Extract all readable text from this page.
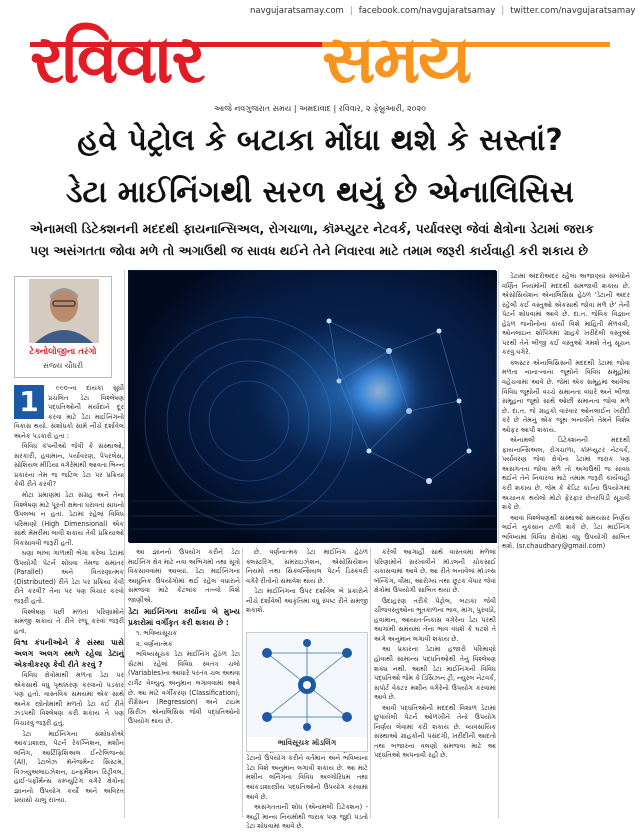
navgujaratsamay.com | facebook.com/navgujaratsamay | twitter.com/navgujaratsamay
રવિવાર સમય
આજે નવગુજરાત સમય | અમદાવાદ | રવિવાર, ૨ ફેબ્રુઆરી, ૨૦૨૦
હવે પેટ્રોલ કે બટાકા મોંઘા થશે કે સસ્તાં?
ડેટા માઈનિંગથી સરળ થયું છે એનાલિસિસ
એનામલી ડિટેક્શનની મદદથી ફાયનાન્સિઅલ, રોગચાળા, કૉમ્પ્યુટર નેટવર્ક, પર્યાવરણ જેવાં ક્ષેત્રોના ડેટામાં જરાક પણ અસંગતતા જોવા મળે તો અગાઉથી જ સાવધ થઈને તેને નિવારવા માટે તમામ જરૂરી કાર્યવાહી કરી શકાય છે
ટેક્નોલોજીના તરંગો
સંજય ચૌધરી
1	૯૯૦-ના દાયકા સુધી પ્રચલિત ડેટા વિશ્લેષણ પદ્ધતિઓની મર્યાદાને દૂર કરવા માટે ડેટા માઈનિંગનો વિકાસ થયો. સંશોધકો સામે નીચે દર્શાવેલ અનેક પડકારો હતા :

વિવિધ કંપનીઓ જેવી કે સંસ્થાઓ, સરકારી, હવામાન, પર્યાવરણ, પેપરલેસ, સોશિયલ મીડિયા વગેરેમાંથી આવતા ભિન્ન પ્રકારના તેમ જ જટિલ ડેટા પર પ્રક્રિયા કેવી રીતે કરવી?

મોટા પ્રમાણમાં ડેટા સંગ્રહ અને તેના વિશ્લેષણ માટે પૂરતી ક્ષમતા ધરાવતાં સાધનો ઉપલબ્ધ ન હતાં. ડેટામાં રહેલાં વિવિધ પરિમાણો (High Dimensional) એક સાથે મેમરીમાં લાવી શકાય તેવી પ્રક્રિયાઓ વિકસાવવી જરૂરી હતી.

ઘણા લાંબા ગાળાથી ભેગા કરેલા ડેટામાં ઉપયોગી પેટર્ન શોધવા તેમજ સમાંતર (Parallel) અને વિતરણાત્મક (Distributed) રીતે ડેટા પર પ્રક્રિયા કેવી રીતે કરવી? તેના પર પણ વિચાર કરવો જરૂરી હતો.

વિશ્લેષણ પછી મળતાં પરિણામોને સમજી શકાય તે રીતે રજૂ કરવાં જરૂરી હતાં.

વિશ્વ કંપનીઓને કે સંસ્થા પાસે અલગ અલગ સ્થળે રહેલા ડેટાનું એકત્રીકરણ કેવી રીતે કરવું ?

વિવિધ ક્ષેત્રોમાંથી મળતા ડેટા પર એકસાથે વધુ પૃથક્કરણ કરવાનો પડકાર પણ હતો. વાસ્તવિક સમયમાં એક સાથે અનેક સ્ત્રોતોમાંથી મળતો ડેટા કઈ રીતે ઝડપથી વિશ્લેષણ કરી શકાય તે પણ વિચારવું જરૂરી હતું.

ડેટા માઈનિંગના સંશોધકોએ આંકડાશાસ્ત્ર, પેટર્ન રેકગ્નિશન, મશીન લર્નિંગ, આર્ટિફિશિઅલ ઈન્ટેલિજન્સ (AI), ડેટાબેઝ મૅનેજમેન્ટ સિસ્ટમ, વિઝ્યુઅલાઇઝેશન, ઇન્ફર્મેશન રિટ્રીવલ, હાઈ-પર્ફોર્મન્સ કમ્પ્યુટિંગ વગેરે ક્ષેત્રોના જ્ઞાનનો ઉપયોગ કર્યો અને અવિરત પ્રયાસો ચાલુ રાખ્યા.

આ જ્ઞાનનો ઉપયોગ કરીને ડેટા માઈનિંગ ક્ષેત્ર માટે નવા અભિગમો તથા સૂત્રો વિકસાવવામાં આવ્યાં. ડેટા માઈનિંગના આધુનિક ઉપયોગોમાં થઈ રહેલ વધારાને સમજવા માટે કેટલાંક તત્ત્વો વિશે જાણીએ.

ડેટા માઈનિંગના કાર્યોના બે મુખ્ય પ્રકારોમાં વર્ગીકૃત કરી શકાય છે :

૧. ભવિષ્યસૂચક

૨. વર્ણનાત્મક

ભવિષ્યસૂચક ડેટા માઈનિંગ હેઠળ ડેટા સેટમાં રહેલાં વિવિધ સ્વતંત્ર ચલો (Variables)ના આધારે પરતંત્ર ચલ અથવા ટાર્ગેટ વેલ્યુનું અનુમાન લગાવવામાં આવે છે. આ માટે વર્ગીકરણ (Classification), રીગ્રેસન (Regression) અને ટાઇમ સિરીઝ એનાલિસિસ જેવી પદ્ધતિઓનો ઉપયોગ થાય છે.

છે. વર્ણનાત્મક ડેટા માઈનિંગ હેઠળ ક્લસ્ટરિંગ, સમરાઇઝેશન, એસોસિયેશન નિયમો તથા સિક્વન્સિયલ પેટર્ન ડિસ્કવરી વગેરે રીતોનો સમાવેશ થાય છે.

ડેટા માઈનિંગના ઉપર દર્શાવેલ બે પ્રકારોને નીચે દર્શાવેલી આકૃતિમાં વધુ સ્પષ્ટ રીતે સમજી શકાશે.

ડેટાનો ઉપયોગ કરીને વર્તમાન અને ભવિષ્યના ડેટા વિશે અનુમાન લગાવી શકાય છે. આ માટે મશીન લર્નિંગના વિવિધ અલ્ગોરિધમ તથા આંકડાશાસ્ત્રીય પદ્ધતિઓનો ઉપયોગ કરવામાં આવે છે.

અસંગતતાની શોધ (એનામલી ડિટેક્શન) - અહીં માન્ય નિયમોથી જરાક પણ જુદો પડતો ડેટા શોધવામાં આવે છે.

ભાવિસૂચક મૉડલિંગ

કરેલી આગાહી સાથે વાસ્તવમાં મળેલાં પરિણામોને સરખાવીને મૉડલની ચોકસાઈ ચકાસવામાં આવે છે. આ રીતે બનાવેલાં મૉડલ્સ બૅન્કિંગ, વીમા, આરોગ્ય તથા છૂટક વેપાર જેવાં ક્ષેત્રોમાં ઉપયોગી સાબિત થયાં છે.

ઉદાહરણ તરીકે પેટ્રોલ, બટાકા જેવી ચીજવસ્તુઓના ભૂતકાળના ભાવ, માંગ, પુરવઠો, હવામાન, આયાત-નિકાસ વગેરેના ડેટા પરથી આગામી સમયમાં તેના ભાવ વધશે કે ઘટશે તે અંગે અનુમાન લગાવી શકાય છે.

આ પ્રકારના ડેટામાં હજારો પરિમાણો હોવાથી સામાન્ય પદ્ધતિઓથી તેનું વિશ્લેષણ શક્ય નથી. આથી ડેટા માઈનિંગની વિવિધ પદ્ધતિઓ જેમ કે ડિસિઝન ટ્રી, ન્યુરલ નેટવર્ક, સપોર્ટ વેક્ટર મશીન વગેરેનો ઉપયોગ કરવામાં આવે છે.

આવી પદ્ધતિઓની મદદથી વિશાળ ડેટામાં છુપાયેલી પેટર્ન ઓળખીને તેનો ઉપયોગ નિર્ણય લેવામાં કરી શકાય છે. વ્યવસાયિક સંસ્થાઓ ગ્રાહકોની પસંદગી, ખરીદીની આદતો તથા બજારના વલણો સમજવા માટે આ પદ્ધતિઓ અપનાવી રહી છે.

ડેટામાં અંદરોઅંદર રહેલા અજાણ્યા સંબંધોને વર્ણિત નિયમોની મદદથી સમજાવી શકાય છે. એસોસિયેશન એનાલિસિસ હેઠળ 'ડેટાની અંદર રહેલી કઈ વસ્તુઓ એકસાથે જોવા મળે છે' તેની પેટર્ન શોધવામાં આવે છે. દા.ત. જેવિક વિજ્ઞાન હેઠળ જનીનોનાં કાર્યો વિશે માહિતી મેળવવી, ઓનલાઇન શોપિંગમાં ગ્રાહકે ખરીદેલી વસ્તુઓ પરથી તેને બીજી કઈ વસ્તુઓ ગમશે તેનું સૂચન કરવું વગેરે.

ક્લસ્ટર એનાલિસિસની મદદથી ડેટામાં જોવા મળતા નાના-નાના જૂથોને વિવિધ સમૂહોમાં વહેંચવામાં આવે છે. જેમાં એક સમૂહમાં આવેલા વિવિધ જૂથોની વચ્ચે સમાનતા વધારે અને બીજા સમૂહના જૂથો સાથે ઓછી સમાનતા જોવા મળે છે. દા.ત. જે ગ્રાહકો વારંવાર ઓનલાઈન ખરીદી કરે છે તેમનું એક જૂથ બનાવીને તેમને વિશેષ ઓફર આપી શકાય.

એનામલી ડિટેક્શનની મદદથી ફાયનાન્સિઅલ, રોગચાળા, કૉમ્પ્યુટર નેટવર્ક, પર્યાવરણ જેવાં ક્ષેત્રોના ડેટામાં જરાક પણ અસંગતતા જોવા મળે તો અગાઉથી જ સાવધ થઈને તેને નિવારવા માટે તમામ જરૂરી કાર્યવાહી કરી શકાય છે. જેમ કે ક્રેડિટ કાર્ડના ઉપયોગમાં અચાનક થયેલો મોટો ફેરફાર છેતરપિંડી સૂચવી શકે છે.

આવા વિશ્લેષણથી સંસ્થાઓ સમયસર નિર્ણય લઈને નુકસાન ટાળી શકે છે. ડેટા માઈનિંગ ભવિષ્યમાં વિવિધ ક્ષેત્રોમાં વધુ ઉપયોગી સાબિત થશે. (sr.chaudhary@gmail.com)
